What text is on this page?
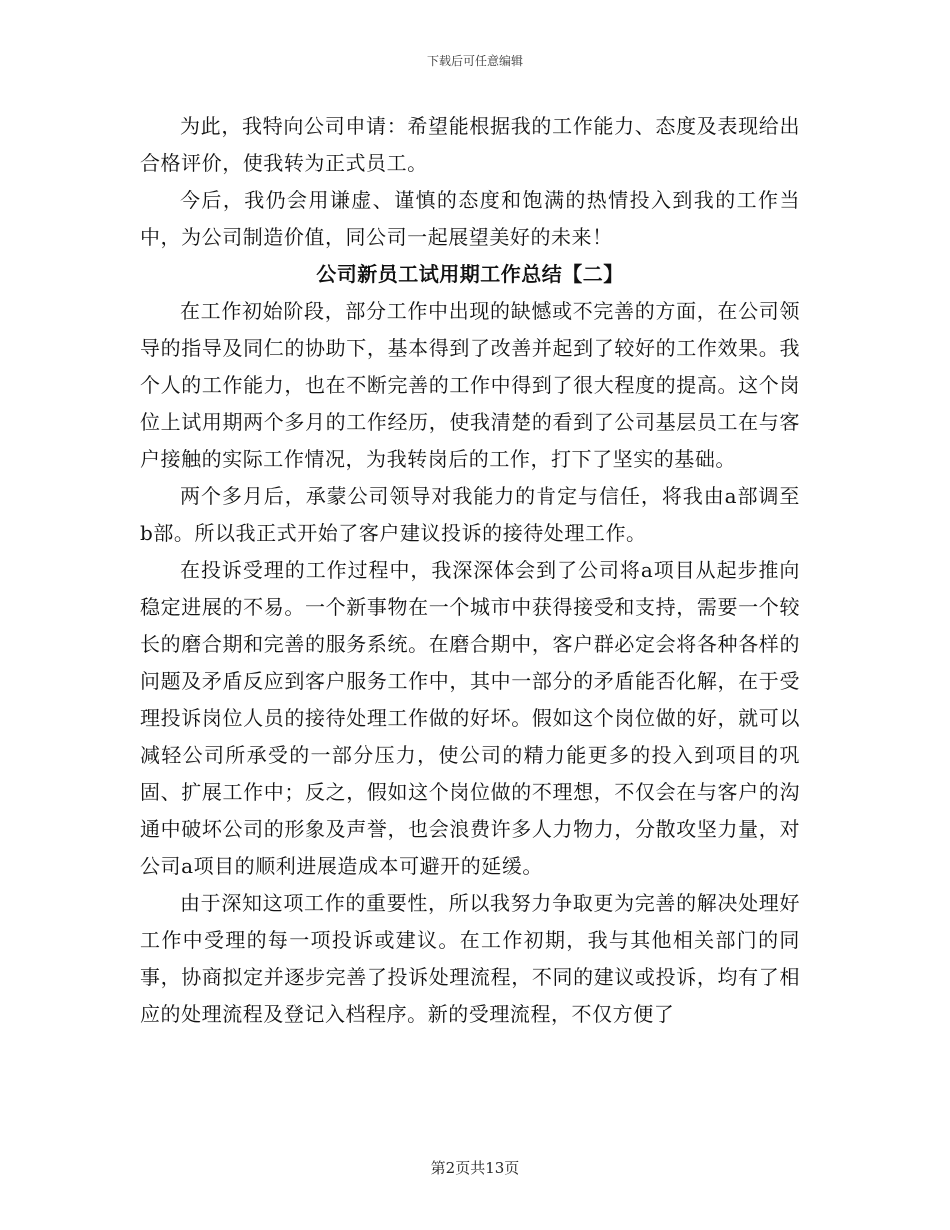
下载后可任意编辑

为此，我特向公司申请：希望能根据我的工作能力、态度及表现给出合格评价，使我转为正式员工。

今后，我仍会用谦虚、谨慎的态度和饱满的热情投入到我的工作当中，为公司制造价值，同公司一起展望美好的未来！

公司新员工试用期工作总结【二】

在工作初始阶段，部分工作中出现的缺憾或不完善的方面，在公司领导的指导及同仁的协助下，基本得到了改善并起到了较好的工作效果。我个人的工作能力，也在不断完善的工作中得到了很大程度的提高。这个岗位上试用期两个多月的工作经历，使我清楚的看到了公司基层员工在与客户接触的实际工作情况，为我转岗后的工作，打下了坚实的基础。

两个多月后，承蒙公司领导对我能力的肯定与信任，将我由a部调至b部。所以我正式开始了客户建议投诉的接待处理工作。

在投诉受理的工作过程中，我深深体会到了公司将a项目从起步推向稳定进展的不易。一个新事物在一个城市中获得接受和支持，需要一个较长的磨合期和完善的服务系统。在磨合期中，客户群必定会将各种各样的问题及矛盾反应到客户服务工作中，其中一部分的矛盾能否化解，在于受理投诉岗位人员的接待处理工作做的好坏。假如这个岗位做的好，就可以减轻公司所承受的一部分压力，使公司的精力能更多的投入到项目的巩固、扩展工作中；反之，假如这个岗位做的不理想，不仅会在与客户的沟通中破坏公司的形象及声誉，也会浪费许多人力物力，分散攻坚力量，对公司a项目的顺利进展造成本可避开的延缓。

由于深知这项工作的重要性，所以我努力争取更为完善的解决处理好工作中受理的每一项投诉或建议。在工作初期，我与其他相关部门的同事，协商拟定并逐步完善了投诉处理流程，不同的建议或投诉，均有了相应的处理流程及登记入档程序。新的受理流程，不仅方便了

第2页共13页
